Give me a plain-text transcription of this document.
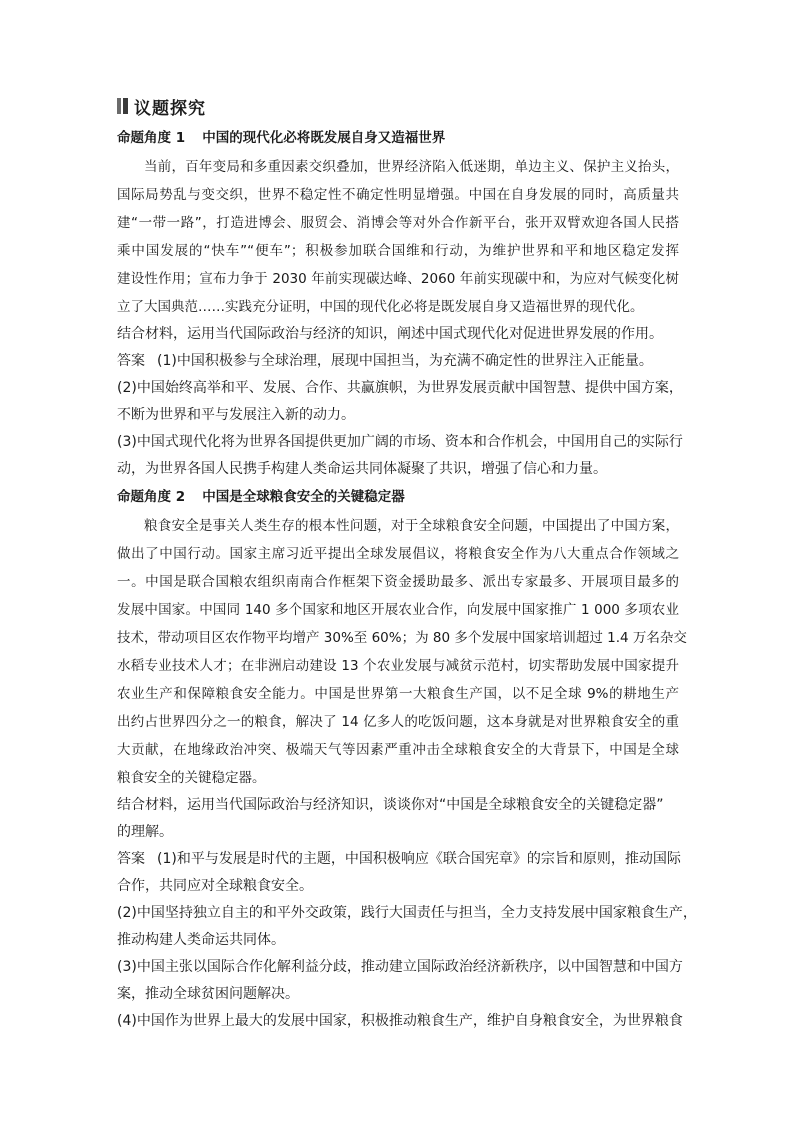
议题探究
命题角度 1 中国的现代化必将既发展自身又造福世界
当前，百年变局和多重因素交织叠加，世界经济陷入低迷期，单边主义、保护主义抬头，
国际局势乱与变交织，世界不稳定性不确定性明显增强。中国在自身发展的同时，高质量共
建“一带一路”，打造进博会、服贸会、消博会等对外合作新平台，张开双臂欢迎各国人民搭
乘中国发展的“快车”“便车”；积极参加联合国维和行动，为维护世界和平和地区稳定发挥
建设性作用；宣布力争于 2030 年前实现碳达峰、2060 年前实现碳中和，为应对气候变化树
立了大国典范……实践充分证明，中国的现代化必将是既发展自身又造福世界的现代化。
结合材料，运用当代国际政治与经济的知识，阐述中国式现代化对促进世界发展的作用。
答案 (1)中国积极参与全球治理，展现中国担当，为充满不确定性的世界注入正能量。
(2)中国始终高举和平、发展、合作、共赢旗帜，为世界发展贡献中国智慧、提供中国方案，
不断为世界和平与发展注入新的动力。
(3)中国式现代化将为世界各国提供更加广阔的市场、资本和合作机会，中国用自己的实际行
动，为世界各国人民携手构建人类命运共同体凝聚了共识，增强了信心和力量。
命题角度 2 中国是全球粮食安全的关键稳定器
粮食安全是事关人类生存的根本性问题，对于全球粮食安全问题，中国提出了中国方案，
做出了中国行动。国家主席习近平提出全球发展倡议，将粮食安全作为八大重点合作领域之
一。中国是联合国粮农组织南南合作框架下资金援助最多、派出专家最多、开展项目最多的
发展中国家。中国同 140 多个国家和地区开展农业合作，向发展中国家推广 1 000 多项农业
技术，带动项目区农作物平均增产 30%至 60%；为 80 多个发展中国家培训超过 1.4 万名杂交
水稻专业技术人才；在非洲启动建设 13 个农业发展与减贫示范村，切实帮助发展中国家提升
农业生产和保障粮食安全能力。中国是世界第一大粮食生产国，以不足全球 9%的耕地生产
出约占世界四分之一的粮食，解决了 14 亿多人的吃饭问题，这本身就是对世界粮食安全的重
大贡献，在地缘政治冲突、极端天气等因素严重冲击全球粮食安全的大背景下，中国是全球
粮食安全的关键稳定器。
结合材料，运用当代国际政治与经济知识，谈谈你对“中国是全球粮食安全的关键稳定器”
的理解。
答案 (1)和平与发展是时代的主题，中国积极响应《联合国宪章》的宗旨和原则，推动国际
合作，共同应对全球粮食安全。
(2)中国坚持独立自主的和平外交政策，践行大国责任与担当，全力支持发展中国家粮食生产，
推动构建人类命运共同体。
(3)中国主张以国际合作化解利益分歧，推动建立国际政治经济新秩序，以中国智慧和中国方
案，推动全球贫困问题解决。
(4)中国作为世界上最大的发展中国家，积极推动粮食生产，维护自身粮食安全，为世界粮食
